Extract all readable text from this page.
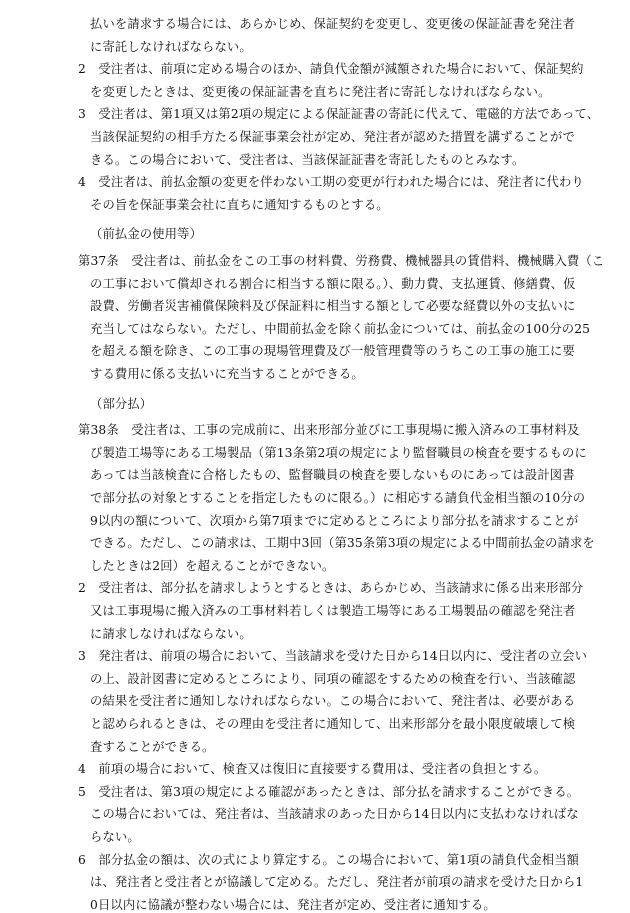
払いを請求する場合には、あらかじめ、保証契約を変更し、変更後の保証証書を発注者
に寄託しなければならない。
2　受注者は、前項に定める場合のほか、請負代金額が減額された場合において、保証契約
を変更したときは、変更後の保証証書を直ちに発注者に寄託しなければならない。
3　受注者は、第1項又は第2項の規定による保証証書の寄託に代えて、電磁的方法であって、
当該保証契約の相手方たる保証事業会社が定め、発注者が認めた措置を講ずることがで
きる。この場合において、受注者は、当該保証証書を寄託したものとみなす。
4　受注者は、前払金額の変更を伴わない工期の変更が行われた場合には、発注者に代わり
その旨を保証事業会社に直ちに通知するものとする。
（前払金の使用等）
第37条　受注者は、前払金をこの工事の材料費、労務費、機械器具の賃借料、機械購入費（こ
の工事において償却される割合に相当する額に限る。）、動力費、支払運賃、修繕費、仮
設費、労働者災害補償保険料及び保証料に相当する額として必要な経費以外の支払いに
充当してはならない。ただし、中間前払金を除く前払金については、前払金の100分の25
を超える額を除き、この工事の現場管理費及び一般管理費等のうちこの工事の施工に要
する費用に係る支払いに充当することができる。
（部分払）
第38条　受注者は、工事の完成前に、出来形部分並びに工事現場に搬入済みの工事材料及
び製造工場等にある工場製品（第13条第2項の規定により監督職員の検査を要するものに
あっては当該検査に合格したもの、監督職員の検査を要しないものにあっては設計図書
で部分払の対象とすることを指定したものに限る。）に相応する請負代金相当額の10分の
9以内の額について、次項から第7項までに定めるところにより部分払を請求することが
できる。ただし、この請求は、工期中3回（第35条第3項の規定による中間前払金の請求を
したときは2回）を超えることができない。
2　受注者は、部分払を請求しようとするときは、あらかじめ、当該請求に係る出来形部分
又は工事現場に搬入済みの工事材料若しくは製造工場等にある工場製品の確認を発注者
に請求しなければならない。
3　発注者は、前項の場合において、当該請求を受けた日から14日以内に、受注者の立会い
の上、設計図書に定めるところにより、同項の確認をするための検査を行い、当該確認
の結果を受注者に通知しなければならない。この場合において、発注者は、必要がある
と認められるときは、その理由を受注者に通知して、出来形部分を最小限度破壊して検
査することができる。
4　前項の場合において、検査又は復旧に直接要する費用は、受注者の負担とする。
5　受注者は、第3項の規定による確認があったときは、部分払を請求することができる。
この場合においては、発注者は、当該請求のあった日から14日以内に支払わなければな
らない。
6　部分払金の額は、次の式により算定する。この場合において、第1項の請負代金相当額
は、発注者と受注者とが協議して定める。ただし、発注者が前項の請求を受けた日から1
0日以内に協議が整わない場合には、発注者が定め、受注者に通知する。
